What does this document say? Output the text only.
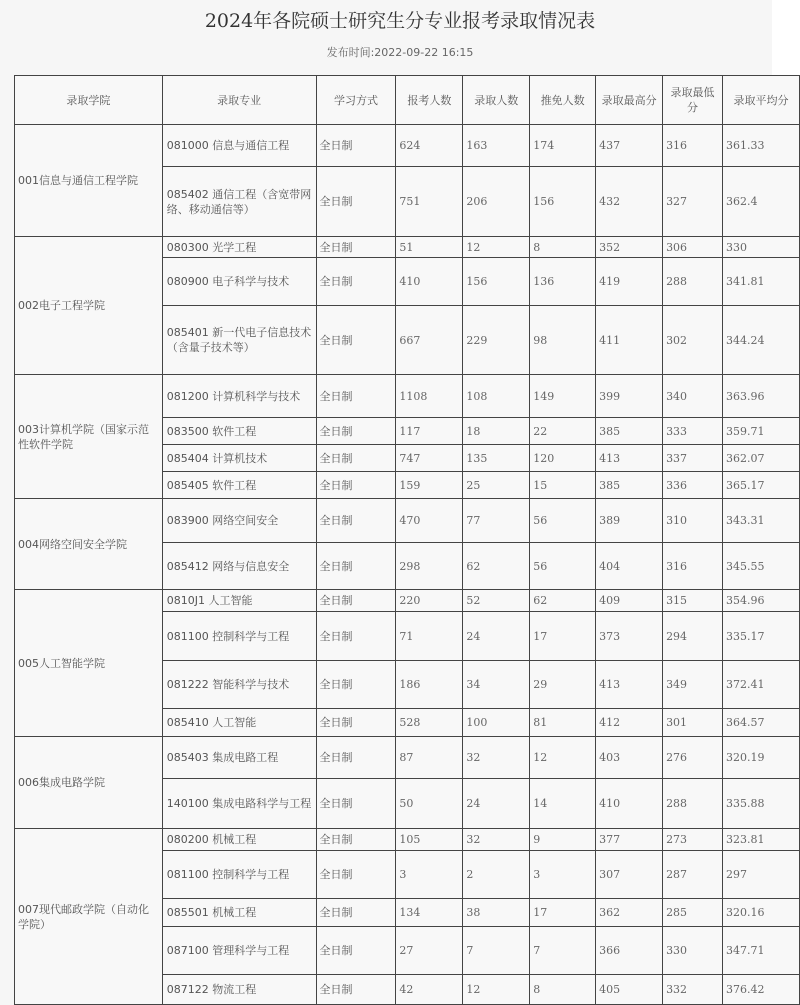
2024年各院硕士研究生分专业报考录取情况表
发布时间:2022-09-22 16:15
录取学院	录取专业	学习方式	报考人数	录取人数	推免人数	录取最高分	录取最低分	录取平均分
001信息与通信工程学院	081000 信息与通信工程	全日制	624	163	174	437	316	361.33
	085402 通信工程（含宽带网络、移动通信等）	全日制	751	206	156	432	327	362.4
002电子工程学院	080300 光学工程	全日制	51	12	8	352	306	330
	080900 电子科学与技术	全日制	410	156	136	419	288	341.81
	085401 新一代电子信息技术（含量子技术等）	全日制	667	229	98	411	302	344.24
003计算机学院（国家示范性软件学院	081200 计算机科学与技术	全日制	1108	108	149	399	340	363.96
	083500 软件工程	全日制	117	18	22	385	333	359.71
	085404 计算机技术	全日制	747	135	120	413	337	362.07
	085405 软件工程	全日制	159	25	15	385	336	365.17
004网络空间安全学院	083900 网络空间安全	全日制	470	77	56	389	310	343.31
	085412 网络与信息安全	全日制	298	62	56	404	316	345.55
005人工智能学院	0810J1 人工智能	全日制	220	52	62	409	315	354.96
	081100 控制科学与工程	全日制	71	24	17	373	294	335.17
	081222 智能科学与技术	全日制	186	34	29	413	349	372.41
	085410 人工智能	全日制	528	100	81	412	301	364.57
006集成电路学院	085403 集成电路工程	全日制	87	32	12	403	276	320.19
	140100 集成电路科学与工程	全日制	50	24	14	410	288	335.88
007现代邮政学院（自动化学院）	080200 机械工程	全日制	105	32	9	377	273	323.81
	081100 控制科学与工程	全日制	3	2	3	307	287	297
	085501 机械工程	全日制	134	38	17	362	285	320.16
	087100 管理科学与工程	全日制	27	7	7	366	330	347.71
	087122 物流工程	全日制	42	12	8	405	332	376.42
